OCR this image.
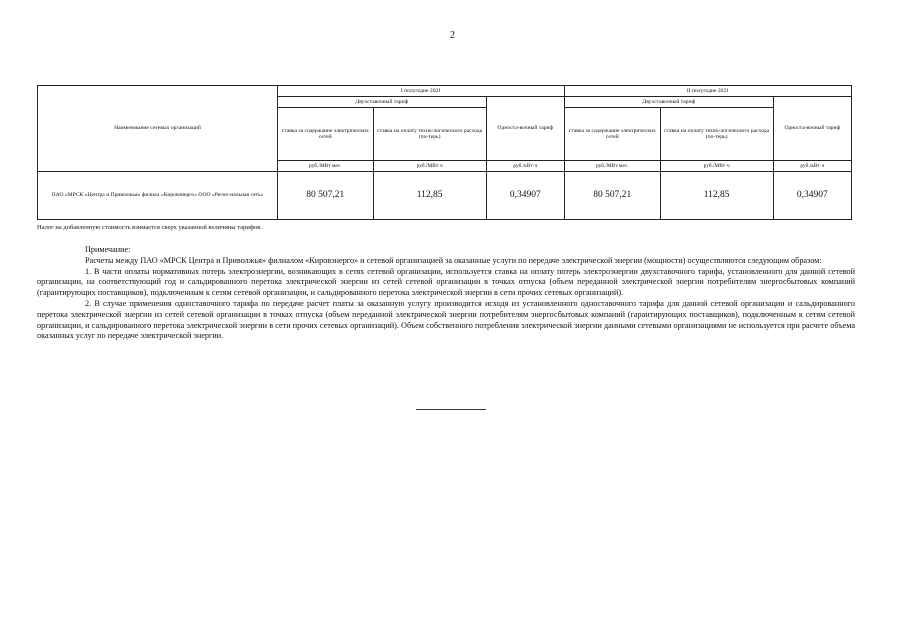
2
Наименование сетевых организаций	I полугодие 2021			II полугодие 2021		
	Двухставочный тариф		Односта-вочный тариф	Двухставочный тариф		Односта-вочный тариф
	ставка за содержание электрических сетей	ставка на оплату техно-логического расхода (по-терь)		ставка за содержание электрических сетей	ставка на оплату техно-логического расхода (по-терь)	
	руб./МВт мес.	руб./МВт·ч	руб./кВт·ч	руб./МВт мес.	руб./МВт·ч	руб./кВт·ч
ПАО «МРСК «Центра и Приволжья» филиал «Кировэнерго» ООО «Регио-нальная сеть»	80 507,21	112,85	0,34907	80 507,21	112,85	0,34907
Налог на добавленную стоимость взимается сверх указанной величины тарифов.

Примечание:

Расчеты между ПАО «МРСК Центра и Приволжья» филиалом «Кировэнерго» и сетевой организацией за оказанные услуги по передаче электрической энергии (мощности) осуществляются следующим образом:

1. В части оплаты нормативных потерь электроэнергии, возникающих в сетях сетевой организации, используется ставка на оплату потерь электроэнергии двухставочного тарифа, установленного для данной сетевой организации, на соответствующий год и сальдированного перетока электрической энергии из сетей сетевой организации в точках отпуска (объем переданной электрической энергии потребителям энергосбытовых компаний (гарантирующих поставщиков), подключенным к сетям сетевой организации, и сальдированного перетока электрической энергии в сети прочих сетевых организаций).

2. В случае применения одноставочного тарифа по передаче расчет платы за оказанную услугу производится исходя из установленного одноставочного тарифа для данной сетевой организации и сальдированного перетока электрической энергии из сетей сетевой организации в точках отпуска (объем переданной электрической энергии потребителям энергосбытовых компаний (гарантирующих поставщиков), подключенным к сетям сетевой организации, и сальдированного перетока электрической энергии в сети прочих сетевых организаций). Объем собственного потребления электрической энергии данными сетевыми организациями не используется при расчете объема оказанных услуг по передаче электрической энергии.
